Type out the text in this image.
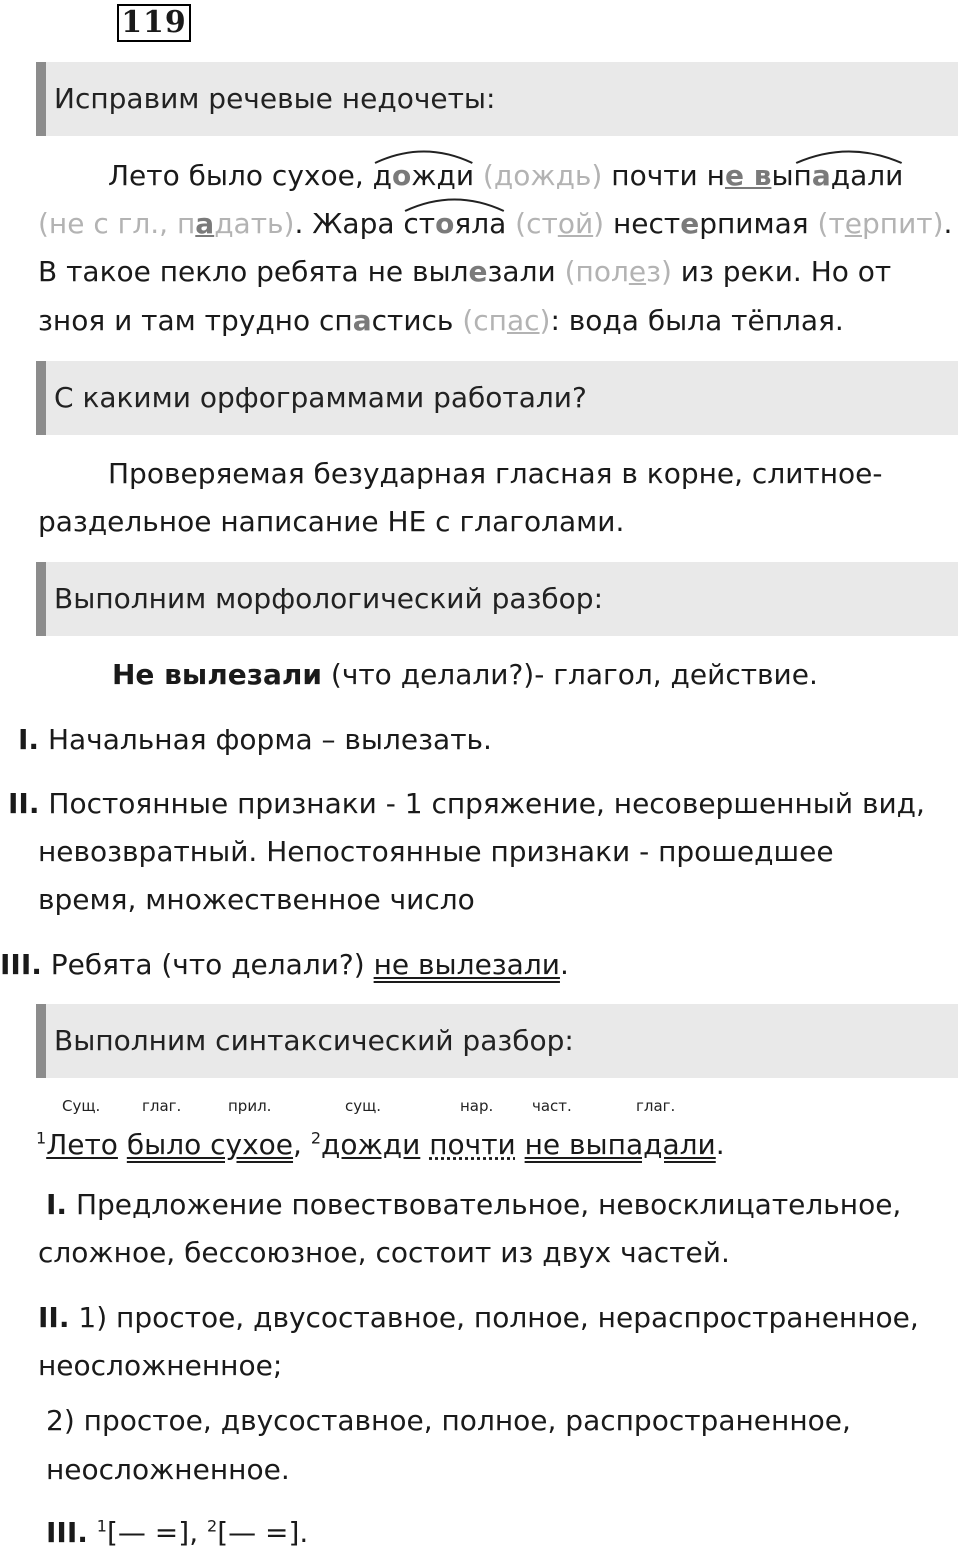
119
Исправим речевые недочеты:
Лето было сухое,
дожди (дождь) почти не вы
падали
(не с гл., падать). Жара
стояла (стой) нестерпимая (терпит).
В такое пекло ребята не вылезали (полез) из реки. Но от
зноя и там трудно спастись (спас): вода была тёплая.
С какими орфограммами работали?
Проверяемая безударная гласная в корне, слитное-
раздельное написание НЕ с глаголами.
Выполним морфологический разбор:
Не вылезали (что делали?)- глагол, действие.
I. Начальная форма – вылезать.
II. Постоянные признаки - 1 спряжение, несовершенный вид,
невозвратный. Непостоянные признаки - прошедшее
время, множественное число
III. Ребята (что делали?) не вылезали.
Выполним синтаксический разбор:
Сущ.	глаг.	прил.	сущ.	нар.	част.	глаг.
$^1$Лето было сухое, $^2$дожди почти не выпадали.
I. Предложение повествовательное, невосклицательное,
сложное, бессоюзное, состоит из двух частей.
II. 1) простое, двусоставное, полное, нераспространенное,
неосложненное;
2) простое, двусоставное, полное, распространенное,
неосложненное.
III. $^1$[— =], $^2$[— =].
